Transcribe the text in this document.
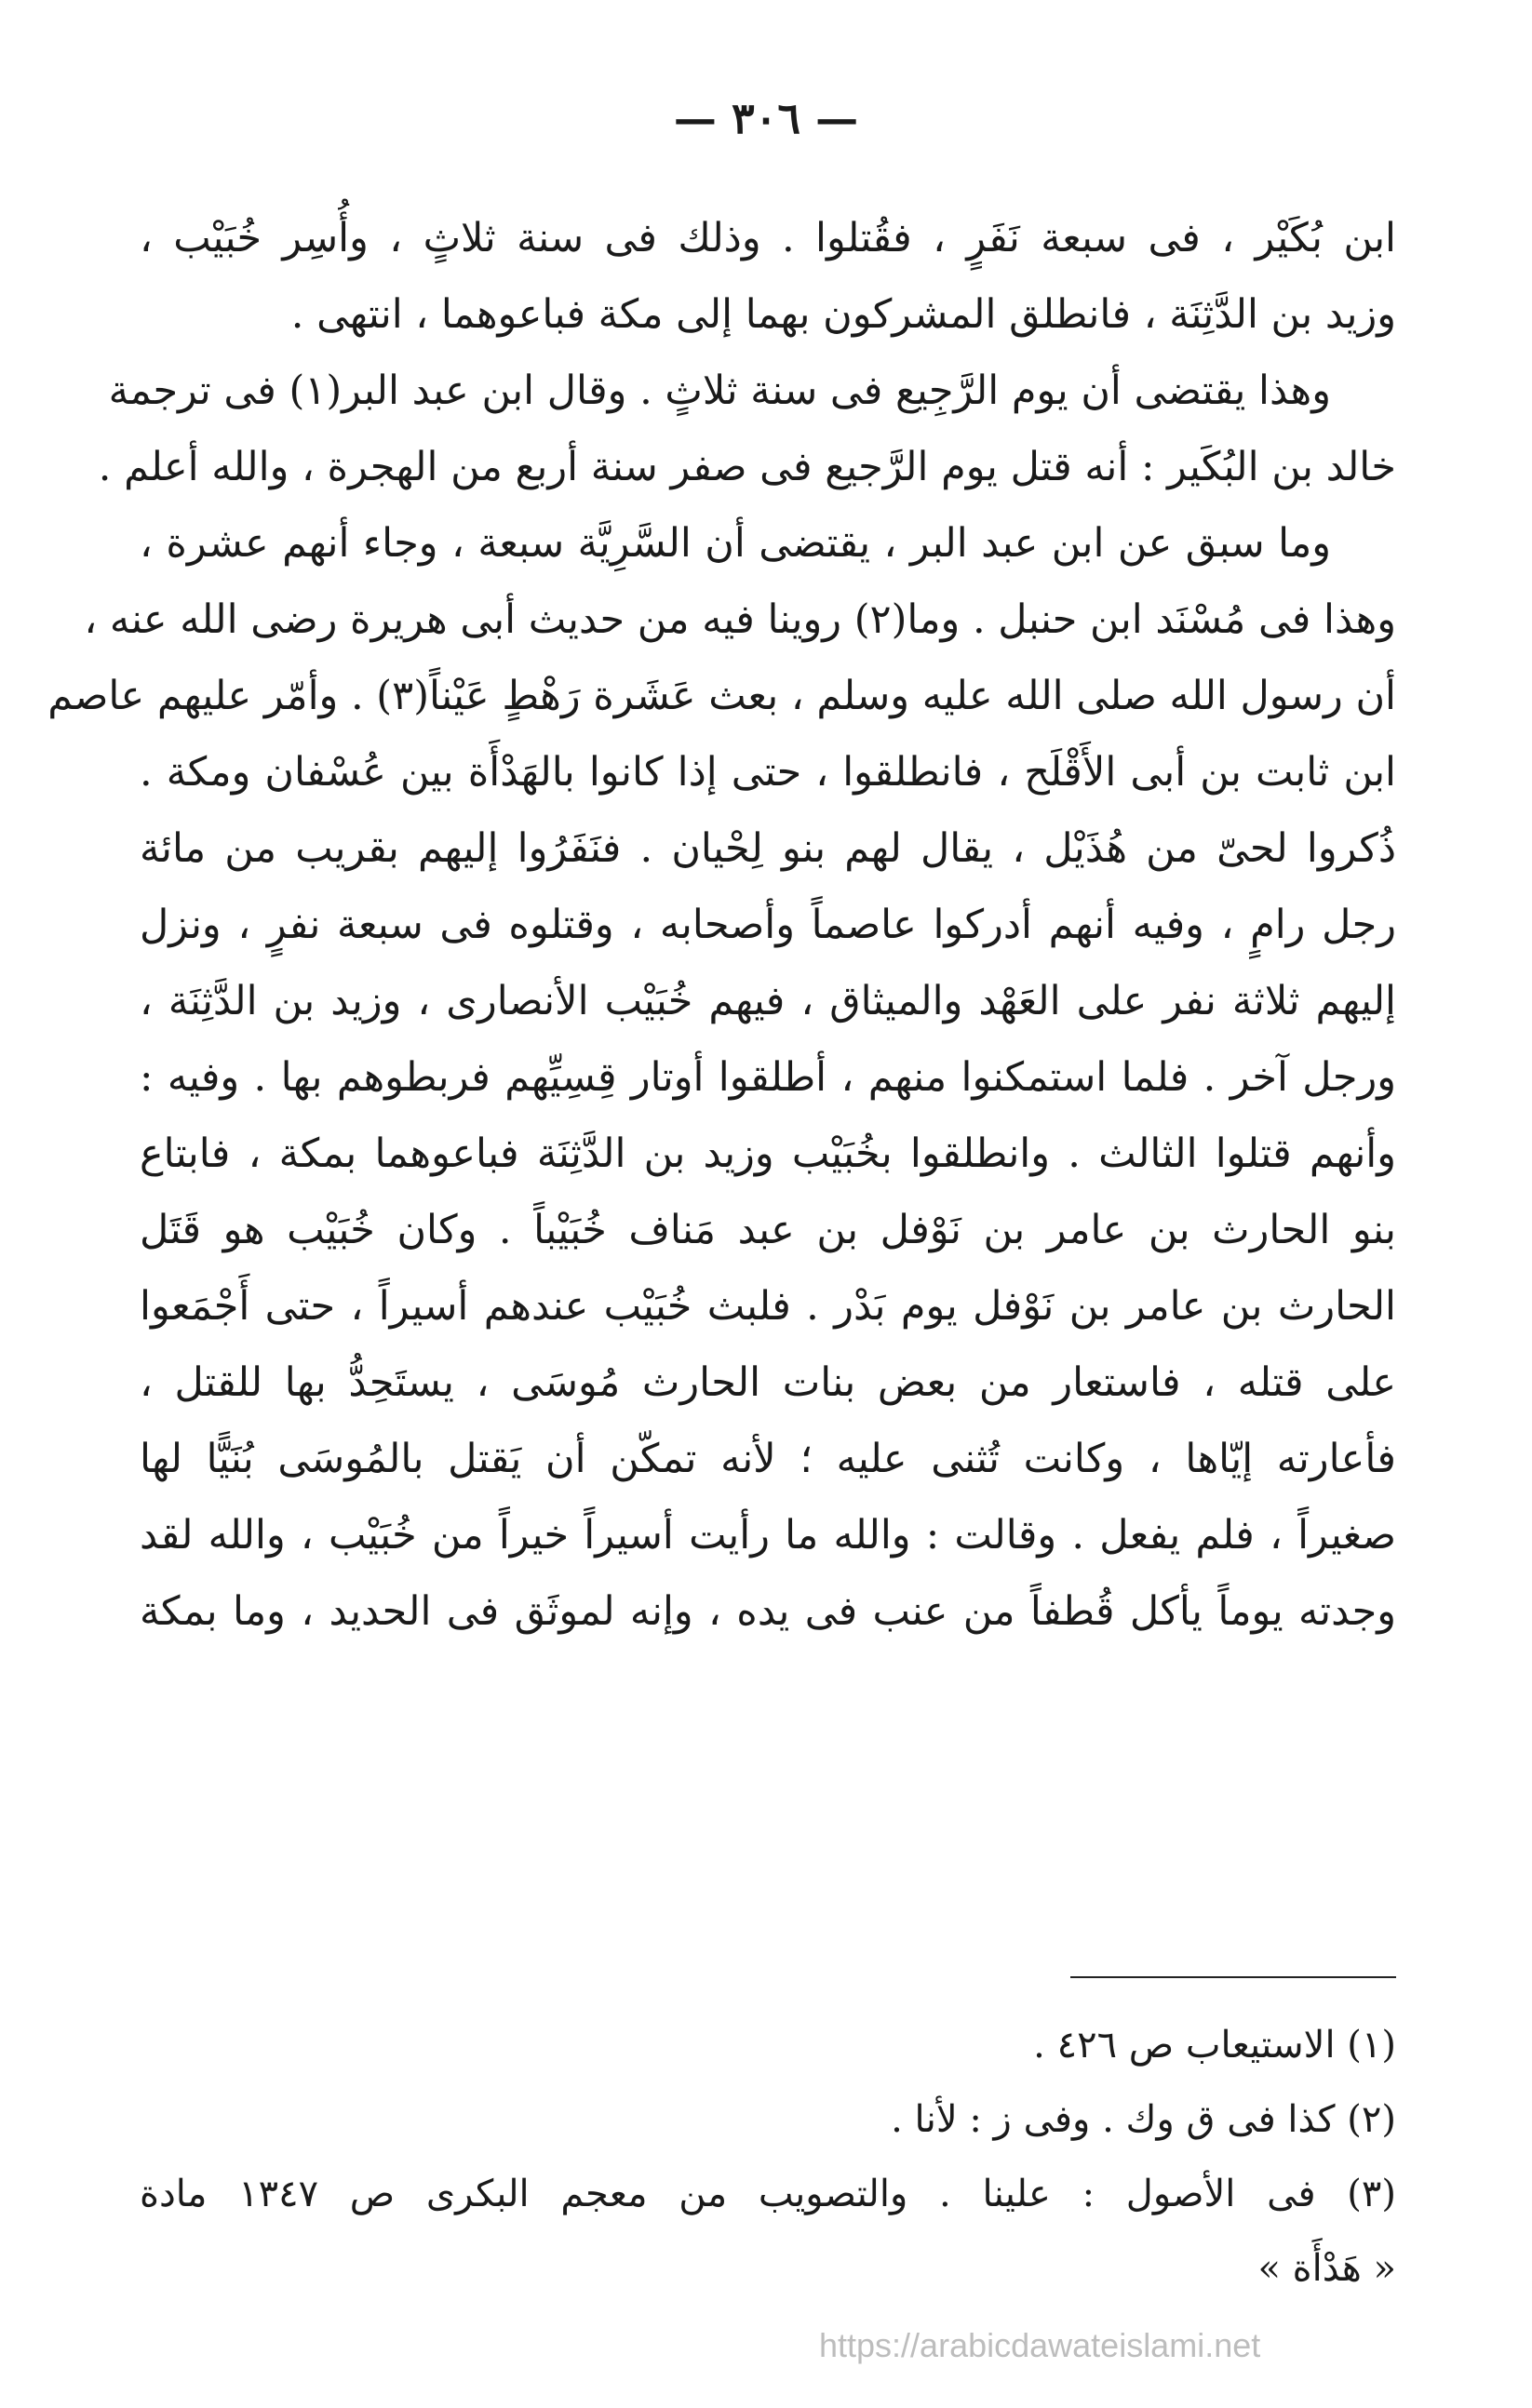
— ٣٠٦ —
ابن بُكَيْر ، فى سبعة نَفَرٍ ، فقُتلوا . وذلك فى سنة ثلاثٍ ، وأُسِر خُبَيْب ،
وزيد بن الدَّثِنَة ، فانطلق المشركون بهما إلى مكة فباعوهما ، انتهى .
وهذا يقتضى أن يوم الرَّجِيع فى سنة ثلاثٍ . وقال ابن عبد البر(١) فى ترجمة
خالد بن البُكَير : أنه قتل يوم الرَّجيع فى صفر سنة أربع من الهجرة ، والله أعلم .
وما سبق عن ابن عبد البر ، يقتضى أن السَّرِيَّة سبعة ، وجاء أنهم عشرة ،
وهذا فى مُسْنَد ابن حنبل . وما(٢) روينا فيه من حديث أبى هريرة رضى الله عنه ،
أن رسول الله صلى الله عليه وسلم ، بعث عَشَرة رَهْطٍ عَيْناً(٣) . وأمّر عليهم عاصم
ابن ثابت بن أبى الأَقْلَح ، فانطلقوا ، حتى إذا كانوا بالهَدْأَة بين عُسْفان ومكة .
ذُكروا لحىّ من هُذَيْل ، يقال لهم بنو لِحْيان . فنَفَرُوا إليهم بقريب من مائة
رجل رامٍ ، وفيه أنهم أدركوا عاصماً وأصحابه ، وقتلوه فى سبعة نفرٍ ، ونزل
إليهم ثلاثة نفر على العَهْد والميثاق ، فيهم خُبَيْب الأنصارى ، وزيد بن الدَّثِنَة ،
ورجل آخر . فلما استمكنوا منهم ، أطلقوا أوتار قِسِيِّهم فربطوهم بها . وفيه :
وأنهم قتلوا الثالث . وانطلقوا بخُبَيْب وزيد بن الدَّثِنَة فباعوهما بمكة ، فابتاع
بنو الحارث بن عامر بن نَوْفل بن عبد مَناف خُبَيْباً . وكان خُبَيْب هو قَتَل
الحارث بن عامر بن نَوْفل يوم بَدْر . فلبث خُبَيْب عندهم أسيراً ، حتى أَجْمَعوا
على قتله ، فاستعار من بعض بنات الحارث مُوسَى ، يستَحِدُّ بها للقتل ،
فأعارته إيّاها ، وكانت تُثنى عليه ؛ لأنه تمكّن أن يَقتل بالمُوسَى بُنَيًّا لها
صغيراً ، فلم يفعل . وقالت : والله ما رأيت أسيراً خيراً من خُبَيْب ، والله لقد
وجدته يوماً يأكل قُطفاً من عنب فى يده ، وإنه لموثَق فى الحديد ، وما بمكة
(١) الاستيعاب ص ٤٢٦ .
(٢) كذا فى ق وك . وفى ز : لأنا .
(٣) فى الأصول : علينا . والتصويب من معجم البكرى ص ١٣٤٧ مادة
« هَدْأَة »
https://arabicdawateislami.net
